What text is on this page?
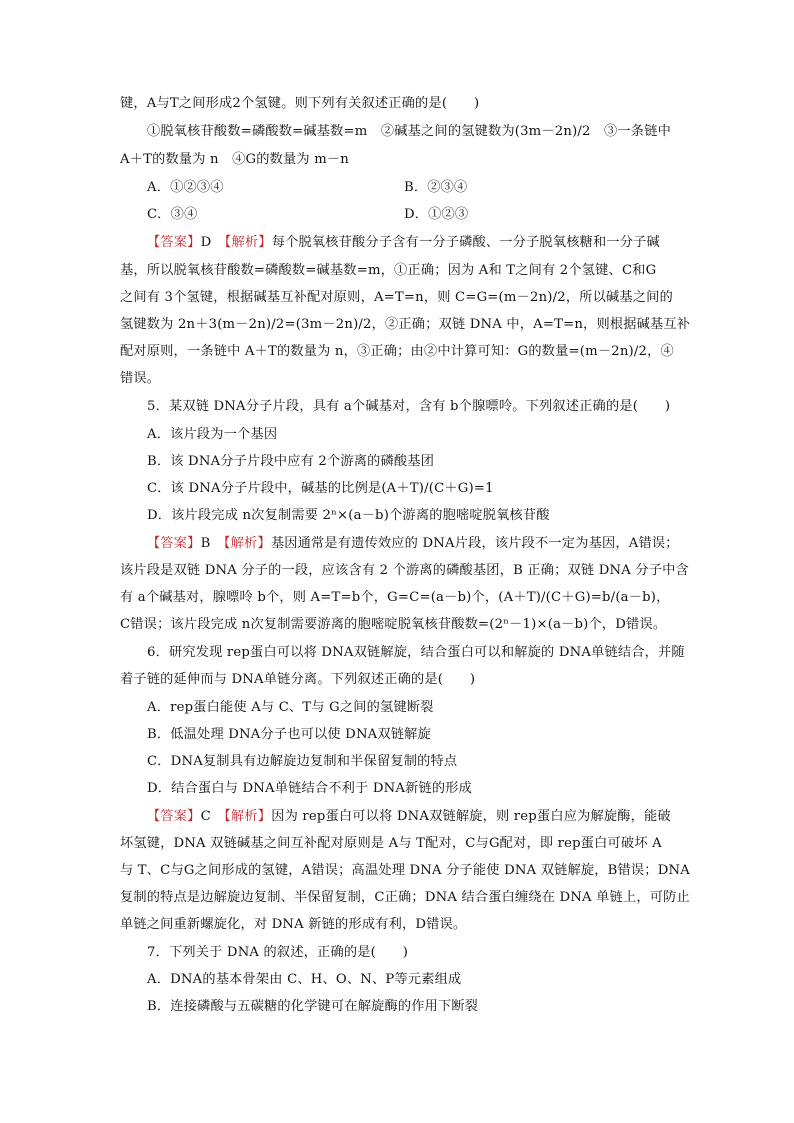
键，A与T之间形成2个氢键。则下列有关叙述正确的是(　　)
①脱氧核苷酸数=磷酸数=碱基数=m　②碱基之间的氢键数为(3m－2n)/2　③一条链中
A＋T的数量为 n　④G的数量为 m－n
A．①②③④	B．②③④
C．③④	D．①②③
【答案】D　 【解析】每个脱氧核苷酸分子含有一分子磷酸、一分子脱氧核糖和一分子碱
基，所以脱氧核苷酸数=磷酸数=碱基数=m，①正确；因为 A和 T之间有 2个氢键、C和G
之间有 3个氢键，根据碱基互补配对原则，A=T=n，则 C=G=(m－2n)/2，所以碱基之间的
氢键数为 2n＋3(m－2n)/2=(3m－2n)/2，②正确；双链 DNA 中，A=T=n，则根据碱基互补
配对原则，一条链中 A＋T的数量为 n，③正确；由②中计算可知：G的数量=(m－2n)/2，④
错误。
5．某双链 DNA分子片段，具有 a个碱基对，含有 b个腺嘌呤。下列叙述正确的是(　　)
A．该片段为一个基因
B．该 DNA分子片段中应有 2个游离的磷酸基团
C．该 DNA分子片段中，碱基的比例是(A＋T)/(C＋G)=1
D．该片段完成 n次复制需要 2ⁿ×(a－b)个游离的胞嘧啶脱氧核苷酸
【答案】B　 【解析】基因通常是有遗传效应的 DNA片段，该片段不一定为基因，A错误；
该片段是双链 DNA 分子的一段，应该含有 2 个游离的磷酸基团，B 正确；双链 DNA 分子中含
有 a个碱基对，腺嘌呤 b个，则 A=T=b个，G=C=(a－b)个，(A＋T)/(C＋G)=b/(a－b)，
C错误；该片段完成 n次复制需要游离的胞嘧啶脱氧核苷酸数=(2ⁿ－1)×(a－b)个，D错误。
6．研究发现 rep蛋白可以将 DNA双链解旋，结合蛋白可以和解旋的 DNA单链结合，并随
着子链的延伸而与 DNA单链分离。下列叙述正确的是(　　)
A．rep蛋白能使 A与 C、T与 G之间的氢键断裂
B．低温处理 DNA分子也可以使 DNA双链解旋
C．DNA复制具有边解旋边复制和半保留复制的特点
D．结合蛋白与 DNA单链结合不利于 DNA新链的形成
【答案】C　 【解析】因为 rep蛋白可以将 DNA双链解旋，则 rep蛋白应为解旋酶，能破
坏氢键，DNA 双链碱基之间互补配对原则是 A与 T配对，C与G配对，即 rep蛋白可破坏 A
与 T、C与G之间形成的氢键，A错误；高温处理 DNA 分子能使 DNA 双链解旋，B错误；DNA
复制的特点是边解旋边复制、半保留复制，C正确；DNA 结合蛋白缠绕在 DNA 单链上，可防止
单链之间重新螺旋化，对 DNA 新链的形成有利，D错误。
7．下列关于 DNA 的叙述，正确的是(　　)
A．DNA的基本骨架由 C、H、O、N、P等元素组成
B．连接磷酸与五碳糖的化学键可在解旋酶的作用下断裂
